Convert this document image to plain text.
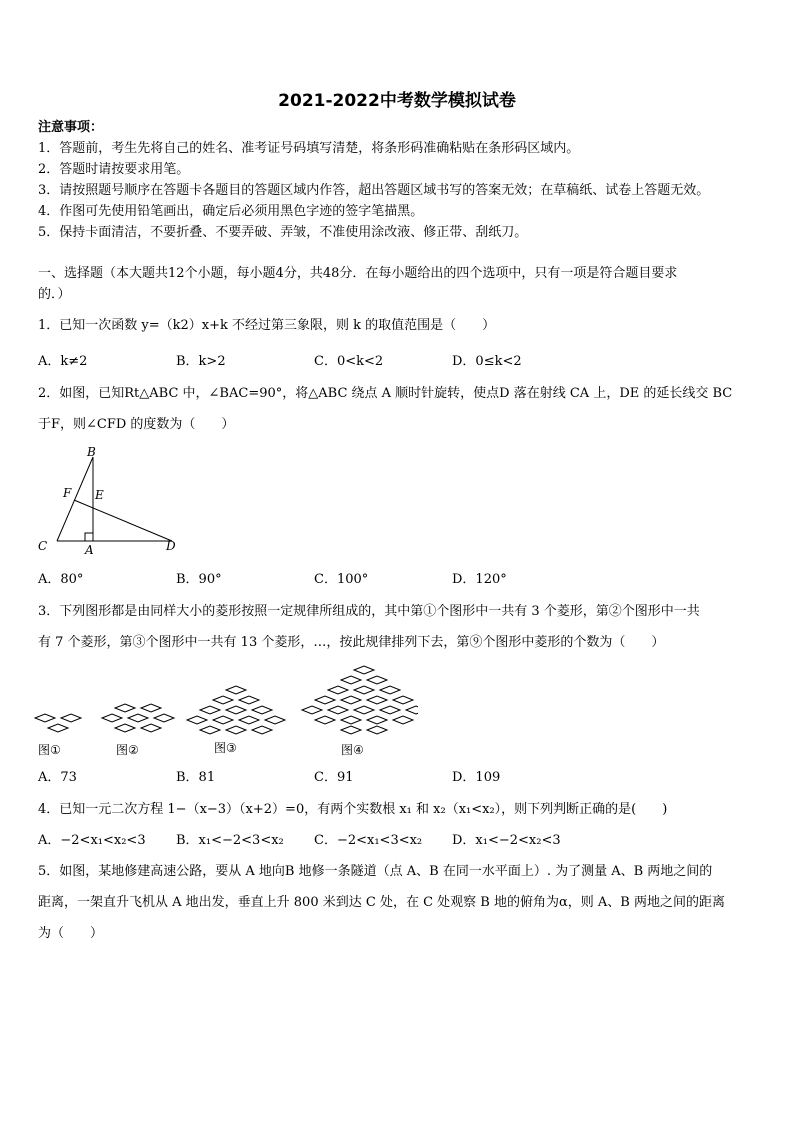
2021-2022中考数学模拟试卷
注意事项：
1．答题前，考生先将自己的姓名、准考证号码填写清楚，将条形码准确粘贴在条形码区域内。
2．答题时请按要求用笔。
3．请按照题号顺序在答题卡各题目的答题区域内作答，超出答题区域书写的答案无效；在草稿纸、试卷上答题无效。
4．作图可先使用铅笔画出，确定后必须用黑色字迹的签字笔描黑。
5．保持卡面清洁，不要折叠、不要弄破、弄皱，不准使用涂改液、修正带、刮纸刀。
一、选择题（本大题共12个小题，每小题4分，共48分．在每小题给出的四个选项中，只有一项是符合题目要求
的．）
1．已知一次函数 y=（k2）x+k 不经过第三象限，则 k 的取值范围是（　　）
A．k≠2	B．k>2	C．0<k<2	D．0≤k<2
2．如图，已知Rt△ABC 中，∠BAC=90°，将△ABC 绕点 A 顺时针旋转，使点D 落在射线 CA 上，DE 的延长线交 BC
于F，则∠CFD 的度数为（　　）
B
F E
C	A	D
A．80°	B．90°	C．100°	D．120°
3．下列图形都是由同样大小的菱形按照一定规律所组成的，其中第①个图形中一共有 3 个菱形，第②个图形中一共
有 7 个菱形，第③个图形中一共有 13 个菱形，…，按此规律排列下去，第⑨个图形中菱形的个数为（　　）
图①	图②	图③	图④
A．73	B．81	C．91	D．109
4．已知一元二次方程 1−（x−3）（x+2）=0，有两个实数根 x₁ 和 x₂（x₁<x₂），则下列判断正确的是(　　)
A．−2<x₁<x₂<3 B．x₁<−2<3<x₂ C．−2<x₁<3<x₂ D．x₁<−2<x₂<3
5．如图，某地修建高速公路，要从 A 地向B 地修一条隧道（点 A、B 在同一水平面上）. 为了测量 A、B 两地之间的
距离，一架直升飞机从 A 地出发，垂直上升 800 米到达 C 处，在 C 处观察 B 地的俯角为α，则 A、B 两地之间的距离
为（　　）
